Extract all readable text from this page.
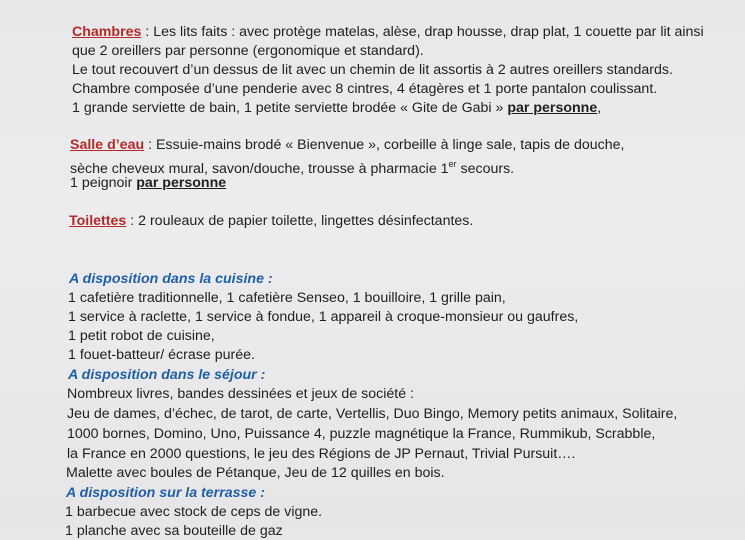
Chambres : Les lits faits : avec protège matelas, alèse, drap housse, drap plat, 1 couette par lit ainsi
que 2 oreillers par personne (ergonomique et standard).
Le tout recouvert d’un dessus de lit avec un chemin de lit assortis à 2 autres oreillers standards.
Chambre composée d’une penderie avec 8 cintres, 4 étagères et 1 porte pantalon coulissant.
1 grande serviette de bain, 1 petite serviette brodée « Gite de Gabi » par personne,
Salle d’eau : Essuie-mains brodé « Bienvenue », corbeille à linge sale, tapis de douche,
sèche cheveux mural, savon/douche, trousse à pharmacie 1er secours.
1 peignoir par personne
Toilettes : 2 rouleaux de papier toilette, lingettes désinfectantes.
A disposition dans la cuisine :
1 cafetière traditionnelle, 1 cafetière Senseo, 1 bouilloire, 1 grille pain,
1 service à raclette, 1 service à fondue, 1 appareil à croque-monsieur ou gaufres,
1 petit robot de cuisine,
1 fouet-batteur/ écrase purée.
A disposition dans le séjour :
Nombreux livres, bandes dessinées et jeux de société :
Jeu de dames, d’échec, de tarot, de carte, Vertellis, Duo Bingo, Memory petits animaux, Solitaire,
1000 bornes, Domino, Uno, Puissance 4, puzzle magnétique la France, Rummikub, Scrabble,
la France en 2000 questions, le jeu des Régions de JP Pernaut, Trivial Pursuit….
Malette avec boules de Pétanque, Jeu de 12 quilles en bois.
A disposition sur la terrasse :
1 barbecue avec stock de ceps de vigne.
1 planche avec sa bouteille de gaz
